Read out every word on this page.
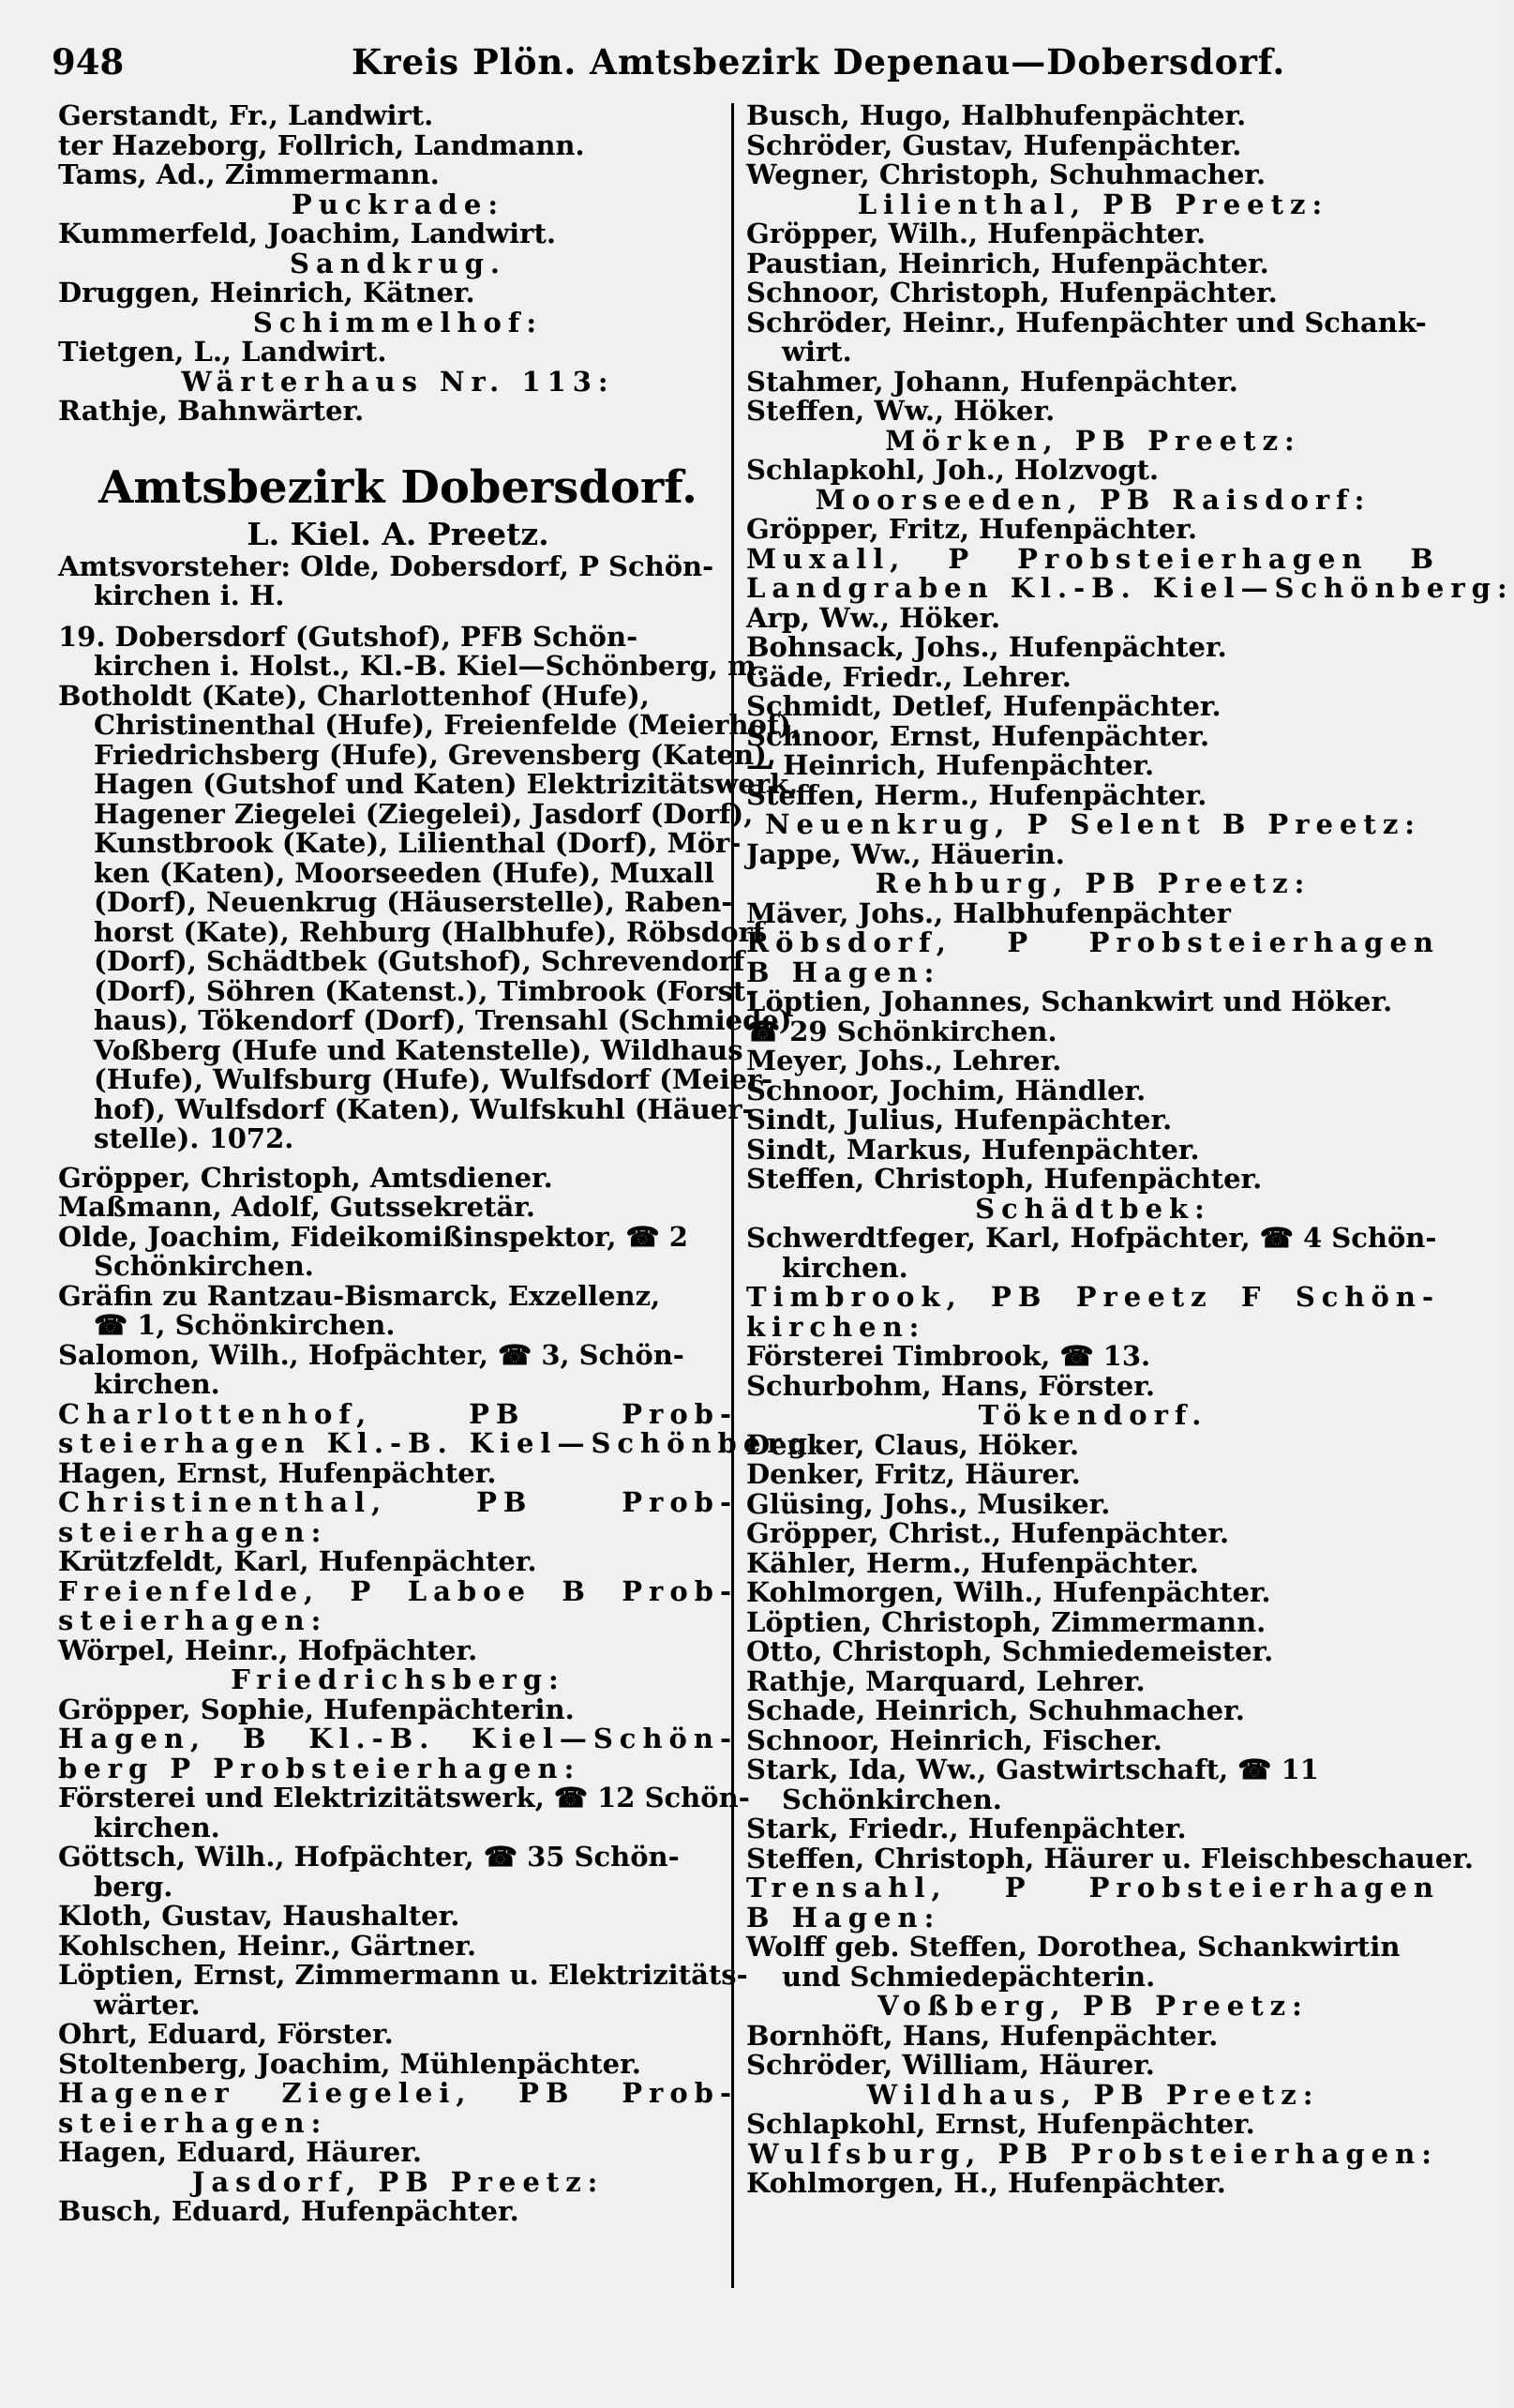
948	Kreis Plön. Amtsbezirk Depenau—Dobersdorf.
Gerstandt, Fr., Landwirt.
ter Hazeborg, Follrich, Landmann.
Tams, Ad., Zimmermann.
Puckrade:
Kummerfeld, Joachim, Landwirt.
Sandkrug.
Druggen, Heinrich, Kätner.
Schimmelhof:
Tietgen, L., Landwirt.
Wärterhaus Nr. 113:
Rathje, Bahnwärter.
Amtsbezirk Dobersdorf.
L. Kiel. A. Preetz.
Amtsvorsteher: Olde, Dobersdorf, P Schön-
kirchen i. H.
19. Dobersdorf (Gutshof), PFB Schön-
kirchen i. Holst., Kl.-B. Kiel—Schönberg, m.
Botholdt (Kate), Charlottenhof (Hufe),
Christinenthal (Hufe), Freienfelde (Meierhof),
Friedrichsberg (Hufe), Grevensberg (Katen),
Hagen (Gutshof und Katen) Elektrizitätswerk,
Hagener Ziegelei (Ziegelei), Jasdorf (Dorf),
Kunstbrook (Kate), Lilienthal (Dorf), Mör-
ken (Katen), Moorseeden (Hufe), Muxall
(Dorf), Neuenkrug (Häuserstelle), Raben-
horst (Kate), Rehburg (Halbhufe), Röbsdorf
(Dorf), Schädtbek (Gutshof), Schrevendorf
(Dorf), Söhren (Katenst.), Timbrook (Forst-
haus), Tökendorf (Dorf), Trensahl (Schmiede)
Voßberg (Hufe und Katenstelle), Wildhaus
(Hufe), Wulfsburg (Hufe), Wulfsdorf (Meier-
hof), Wulfsdorf (Katen), Wulfskuhl (Häuer-
stelle). 1072.
Gröpper, Christoph, Amtsdiener.
Maßmann, Adolf, Gutssekretär.
Olde, Joachim, Fideikomißinspektor, ☎ 2
Schönkirchen.
Gräfin zu Rantzau-Bismarck, Exzellenz,
☎ 1, Schönkirchen.
Salomon, Wilh., Hofpächter, ☎ 3, Schön-
kirchen.
Charlottenhof, PB Prob-
steierhagen Kl.-B. Kiel—Schönberg:
Hagen, Ernst, Hufenpächter.
Christinenthal, PB Prob-
steierhagen:
Krützfeldt, Karl, Hufenpächter.
Freienfelde, P Laboe B Prob-
steierhagen:
Wörpel, Heinr., Hofpächter.
Friedrichsberg:
Gröpper, Sophie, Hufenpächterin.
Hagen, B Kl.-B. Kiel—Schön-
berg P Probsteierhagen:
Försterei und Elektrizitätswerk, ☎ 12 Schön-
kirchen.
Göttsch, Wilh., Hofpächter, ☎ 35 Schön-
berg.
Kloth, Gustav, Haushalter.
Kohlschen, Heinr., Gärtner.
Löptien, Ernst, Zimmermann u. Elektrizitäts-
wärter.
Ohrt, Eduard, Förster.
Stoltenberg, Joachim, Mühlenpächter.
Hagener Ziegelei, PB Prob-
steierhagen:
Hagen, Eduard, Häurer.
Jasdorf, PB Preetz:
Busch, Eduard, Hufenpächter.
Busch, Hugo, Halbhufenpächter.
Schröder, Gustav, Hufenpächter.
Wegner, Christoph, Schuhmacher.
Lilienthal, PB Preetz:
Gröpper, Wilh., Hufenpächter.
Paustian, Heinrich, Hufenpächter.
Schnoor, Christoph, Hufenpächter.
Schröder, Heinr., Hufenpächter und Schank-
wirt.
Stahmer, Johann, Hufenpächter.
Steffen, Ww., Höker.
Mörken, PB Preetz:
Schlapkohl, Joh., Holzvogt.
Moorseeden, PB Raisdorf:
Gröpper, Fritz, Hufenpächter.
Muxall, P Probsteierhagen B
Landgraben Kl.-B. Kiel—Schönberg:
Arp, Ww., Höker.
Bohnsack, Johs., Hufenpächter.
Gäde, Friedr., Lehrer.
Schmidt, Detlef, Hufenpächter.
Schnoor, Ernst, Hufenpächter.
— Heinrich, Hufenpächter.
Steffen, Herm., Hufenpächter.
Neuenkrug, P Selent B Preetz:
Jappe, Ww., Häuerin.
Rehburg, PB Preetz:
Mäver, Johs., Halbhufenpächter
Röbsdorf, P Probsteierhagen
B Hagen:
Löptien, Johannes, Schankwirt und Höker.
☎ 29 Schönkirchen.
Meyer, Johs., Lehrer.
Schnoor, Jochim, Händler.
Sindt, Julius, Hufenpächter.
Sindt, Markus, Hufenpächter.
Steffen, Christoph, Hufenpächter.
Schädtbek:
Schwerdtfeger, Karl, Hofpächter, ☎ 4 Schön-
kirchen.
Timbrook, PB Preetz F Schön-
kirchen:
Försterei Timbrook, ☎ 13.
Schurbohm, Hans, Förster.
Tökendorf.
Denker, Claus, Höker.
Denker, Fritz, Häurer.
Glüsing, Johs., Musiker.
Gröpper, Christ., Hufenpächter.
Kähler, Herm., Hufenpächter.
Kohlmorgen, Wilh., Hufenpächter.
Löptien, Christoph, Zimmermann.
Otto, Christoph, Schmiedemeister.
Rathje, Marquard, Lehrer.
Schade, Heinrich, Schuhmacher.
Schnoor, Heinrich, Fischer.
Stark, Ida, Ww., Gastwirtschaft, ☎ 11
Schönkirchen.
Stark, Friedr., Hufenpächter.
Steffen, Christoph, Häurer u. Fleischbeschauer.
Trensahl, P Probsteierhagen
B Hagen:
Wolff geb. Steffen, Dorothea, Schankwirtin
und Schmiedepächterin.
Voßberg, PB Preetz:
Bornhöft, Hans, Hufenpächter.
Schröder, William, Häurer.
Wildhaus, PB Preetz:
Schlapkohl, Ernst, Hufenpächter.
Wulfsburg, PB Probsteierhagen:
Kohlmorgen, H., Hufenpächter.
